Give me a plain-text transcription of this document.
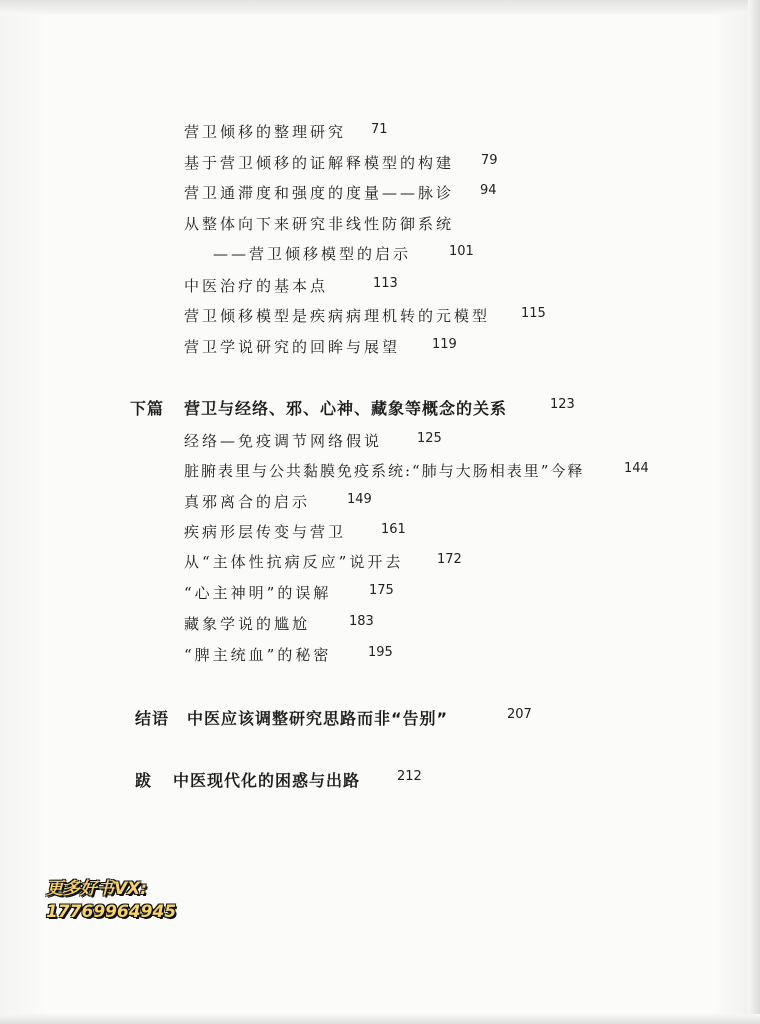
营卫倾移的整理研究 71
基于营卫倾移的证解释模型的构建 79
营卫通滞度和强度的度量——脉诊 94
从整体向下来研究非线性防御系统
——营卫倾移模型的启示	101
中医治疗的基本点	113
营卫倾移模型是疾病病理机转的元模型 115
营卫学说研究的回眸与展望 119
下篇 营卫与经络、邪、心神、藏象等概念的关系	123
经络—免疫调节网络假说	125
脏腑表里与公共黏膜免疫系统:“肺与大肠相表里”今释	144
真邪离合的启示	149
疾病形层传变与营卫	161
从“主体性抗病反应”说开去	172
“心主神明”的误解	175
藏象学说的尴尬	183
“脾主统血”的秘密	195
结语 中医应该调整研究思路而非“告别”	207
跋 中医现代化的困惑与出路	212
更多好书VX:
17769964945
